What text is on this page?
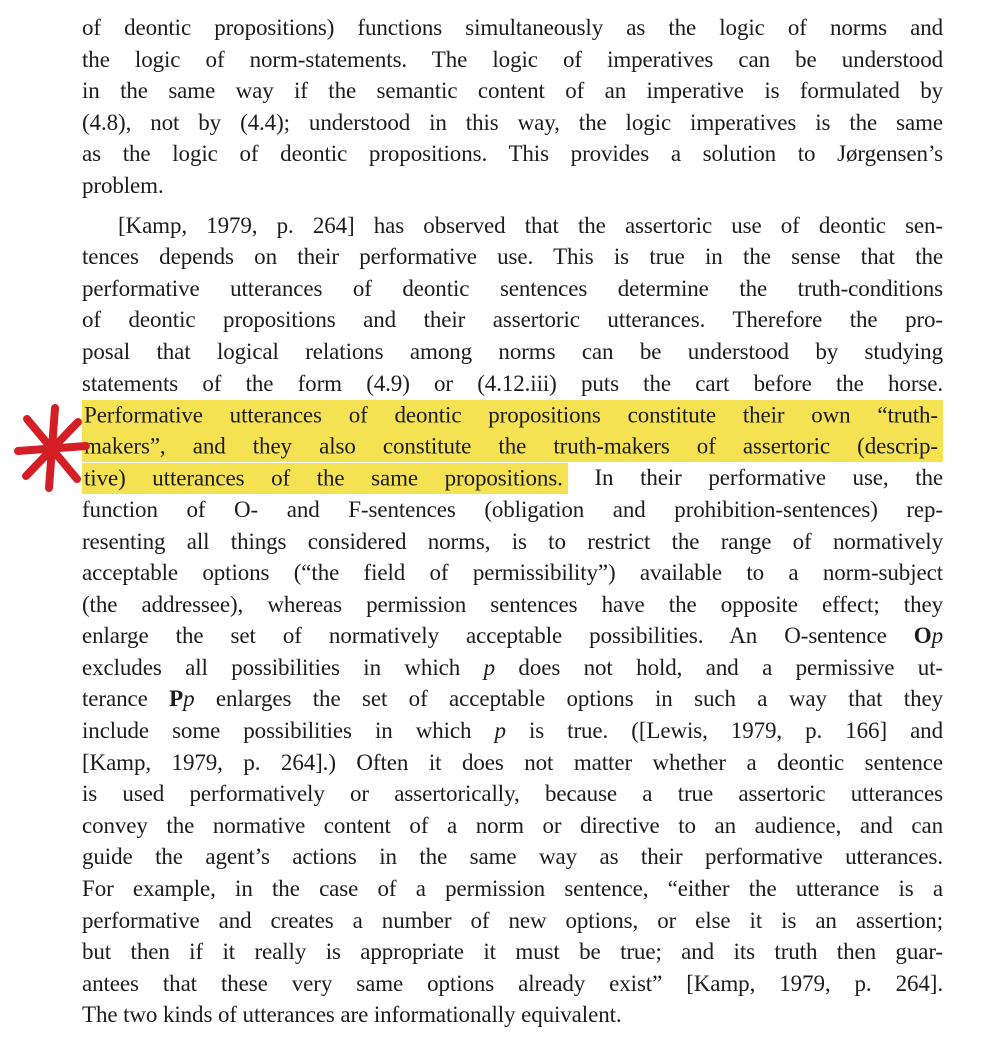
of deontic propositions) functions simultaneously as the logic of norms and
the logic of norm-statements. The logic of imperatives can be understood
in the same way if the semantic content of an imperative is formulated by
(4.8), not by (4.4); understood in this way, the logic imperatives is the same
as the logic of deontic propositions. This provides a solution to Jørgensen’s
problem.
[Kamp, 1979, p. 264] has observed that the assertoric use of deontic sen-
tences depends on their performative use. This is true in the sense that the
performative utterances of deontic sentences determine the truth-conditions
of deontic propositions and their assertoric utterances. Therefore the pro-
posal that logical relations among norms can be understood by studying
statements of the form (4.9) or (4.12.iii) puts the cart before the horse.
Performative utterances of deontic propositions constitute their own “truth-
makers”, and they also constitute the truth-makers of assertoric (descrip-
tive) utterances of the same propositions. In their performative use, the
function of O- and F-sentences (obligation and prohibition-sentences) rep-
resenting all things considered norms, is to restrict the range of normatively
acceptable options (“the field of permissibility”) available to a norm-subject
(the addressee), whereas permission sentences have the opposite effect; they
enlarge the set of normatively acceptable possibilities. An O-sentence Op
excludes all possibilities in which p does not hold, and a permissive ut-
terance Pp enlarges the set of acceptable options in such a way that they
include some possibilities in which p is true. ([Lewis, 1979, p. 166] and
[Kamp, 1979, p. 264].) Often it does not matter whether a deontic sentence
is used performatively or assertorically, because a true assertoric utterances
convey the normative content of a norm or directive to an audience, and can
guide the agent’s actions in the same way as their performative utterances.
For example, in the case of a permission sentence, “either the utterance is a
performative and creates a number of new options, or else it is an assertion;
but then if it really is appropriate it must be true; and its truth then guar-
antees that these very same options already exist” [Kamp, 1979, p. 264].
The two kinds of utterances are informationally equivalent.
